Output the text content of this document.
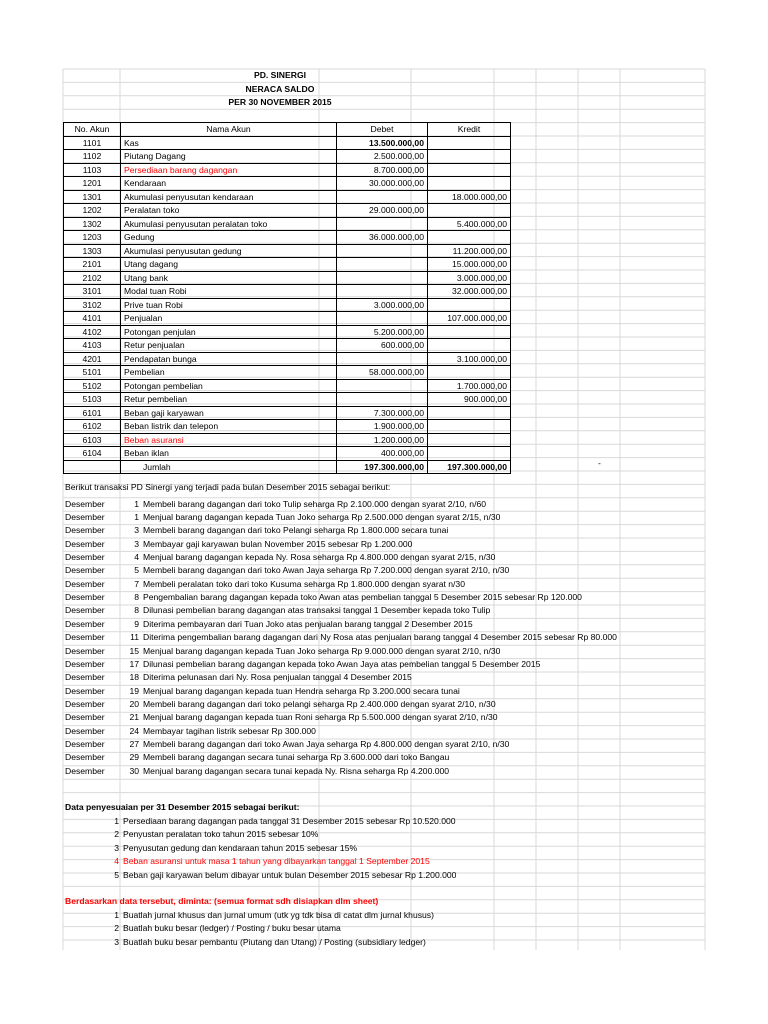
PD. SINERGI
NERACA SALDO
PER 30 NOVEMBER 2015
No. Akun	Nama Akun	Debet	Kredit
1101	Kas	13.500.000,00	
1102	Piutang Dagang	2.500.000,00	
1103	Persediaan barang dagangan	8.700.000,00	
1201	Kendaraan	30.000.000,00	
1301	Akumulasi penyusutan kendaraan		18.000.000,00
1202	Peralatan toko	29.000.000,00	
1302	Akumulasi penyusutan peralatan toko		5.400.000,00
1203	Gedung	36.000.000,00	
1303	Akumulasi penyusutan gedung		11.200.000,00
2101	Utang dagang		15.000.000,00
2102	Utang bank		3.000.000,00
3101	Modal tuan Robi		32.000.000,00
3102	Prive tuan Robi	3.000.000,00	
4101	Penjualan		107.000.000,00
4102	Potongan penjulan	5.200.000,00	
4103	Retur penjualan	600.000,00	
4201	Pendapatan bunga		3.100.000,00
5101	Pembelian	58.000.000,00	
5102	Potongan pembelian		1.700.000,00
5103	Retur pembelian		900.000,00
6101	Beban gaji karyawan	7.300.000,00	
6102	Beban listrik dan telepon	1.900.000,00	
6103	Beban asuransi	1.200.000,00	
6104	Beban iklan	400.000,00	
	Jumlah	197.300.000,00	197.300.000,00	-
Berikut transaksi PD Sinergi yang terjadi pada bulan Desember 2015 sebagai berikut:
Desember	1 Membeli barang dagangan dari toko Tulip seharga Rp 2.100.000 dengan syarat 2/10, n/60
Desember	1 Menjual barang dagangan kepada Tuan Joko seharga Rp 2.500.000 dengan syarat 2/15, n/30
Desember	3 Membeli barang dagangan dari toko Pelangi seharga Rp 1.800.000 secara tunai
Desember	3 Membayar gaji karyawan bulan November 2015 sebesar Rp 1.200.000
Desember	4 Menjual barang dagangan kepada Ny. Rosa seharga Rp 4.800.000 dengan syarat 2/15, n/30
Desember	5 Membeli barang dagangan dari toko Awan Jaya seharga Rp 7.200.000 dengan syarat 2/10, n/30
Desember	7 Membeli peralatan toko dari toko Kusuma seharga Rp 1.800.000 dengan syarat n/30
Desember	8 Pengembalian barang dagangan kepada toko Awan atas pembelian tanggal 5 Desember 2015 sebesar Rp 120.000
Desember	8 Dilunasi pembelian barang dagangan atas transaksi tanggal 1 Desember kepada toko Tulip
Desember	9 Diterima pembayaran dari Tuan Joko atas penjualan barang tanggal 2 Desember 2015
Desember	11 Diterima pengembalian barang dagangan dari Ny Rosa atas penjualan barang tanggal 4 Desember 2015 sebesar Rp 80.000
Desember	15 Menjual barang dagangan kepada Tuan Joko seharga Rp 9.000.000 dengan syarat 2/10, n/30
Desember	17 Dilunasi pembelian barang dagangan kepada toko Awan Jaya atas pembelian tanggal 5 Desember 2015
Desember	18 Diterima pelunasan dari Ny. Rosa penjualan tanggal 4 Desember 2015
Desember	19 Menjual barang dagangan kepada tuan Hendra seharga Rp 3.200.000 secara tunai
Desember	20 Membeli barang dagangan dari toko pelangi seharga Rp 2.400.000 dengan syarat 2/10, n/30
Desember	21 Menjual barang dagangan kepada tuan Roni seharga Rp 5.500.000 dengan syarat 2/10, n/30
Desember	24 Membayar tagihan listrik sebesar Rp 300.000
Desember	27 Membeli barang dagangan dari toko Awan Jaya seharga Rp 4.800.000 dengan syarat 2/10, n/30
Desember	29 Membeli barang dagangan secara tunai seharga Rp 3.600.000 dari toko Bangau
Desember	30 Menjual barang dagangan secara tunai kepada Ny. Risna seharga Rp 4.200.000
Data penyesuaian per 31 Desember 2015 sebagai berikut:
1 Persediaan barang dagangan pada tanggal 31 Desember 2015 sebesar Rp 10.520.000
2 Penyustan peralatan toko tahun 2015 sebesar 10%
3 Penyusutan gedung dan kendaraan tahun 2015 sebesar 15%
4 Beban asuransi untuk masa 1 tahun yang dibayarkan tanggal 1 September 2015
5 Beban gaji karyawan belum dibayar untuk bulan Desember 2015 sebesar Rp 1.200.000
Berdasarkan data tersebut, diminta: (semua format sdh disiapkan dlm sheet)
1 Buatlah jurnal khusus dan jurnal umum (utk yg tdk bisa di catat dlm jurnal khusus)
2 Buatlah buku besar (ledger) / Posting / buku besar utama
3 Buatlah buku besar pembantu (Piutang dan Utang) / Posting (subsidiary ledger)
